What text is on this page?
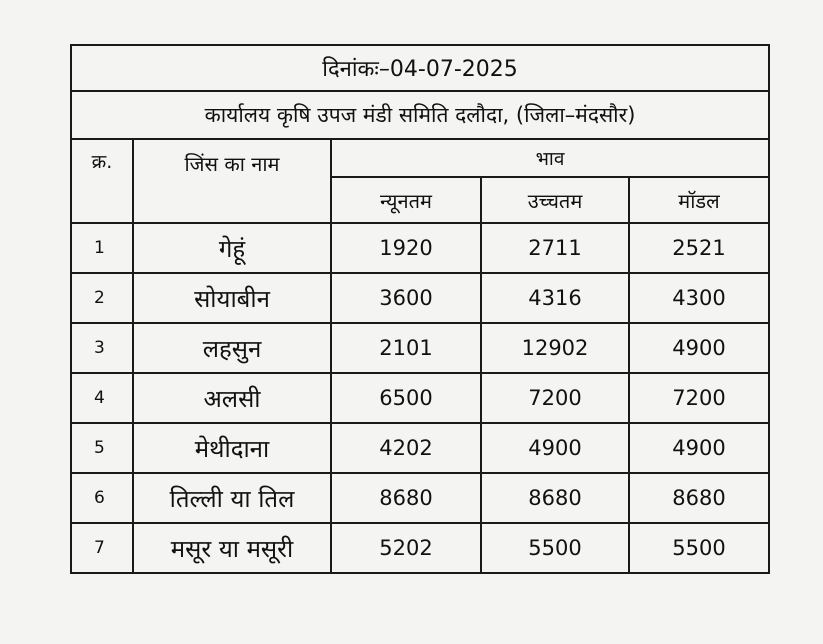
दिनांकः–04-07-2025				
कार्यालय कृषि उपज मंडी समिति दलौदा, (जिला–मंदसौर)				
क्र.	जिंस का नाम	भाव		
		न्यूनतम	उच्चतम	मॉडल
1	गेहूं	1920	2711	2521
2	सोयाबीन	3600	4316	4300
3	लहसुन	2101	12902	4900
4	अलसी	6500	7200	7200
5	मेथीदाना	4202	4900	4900
6	तिल्ली या तिल	8680	8680	8680
7	मसूर या मसूरी	5202	5500	5500
